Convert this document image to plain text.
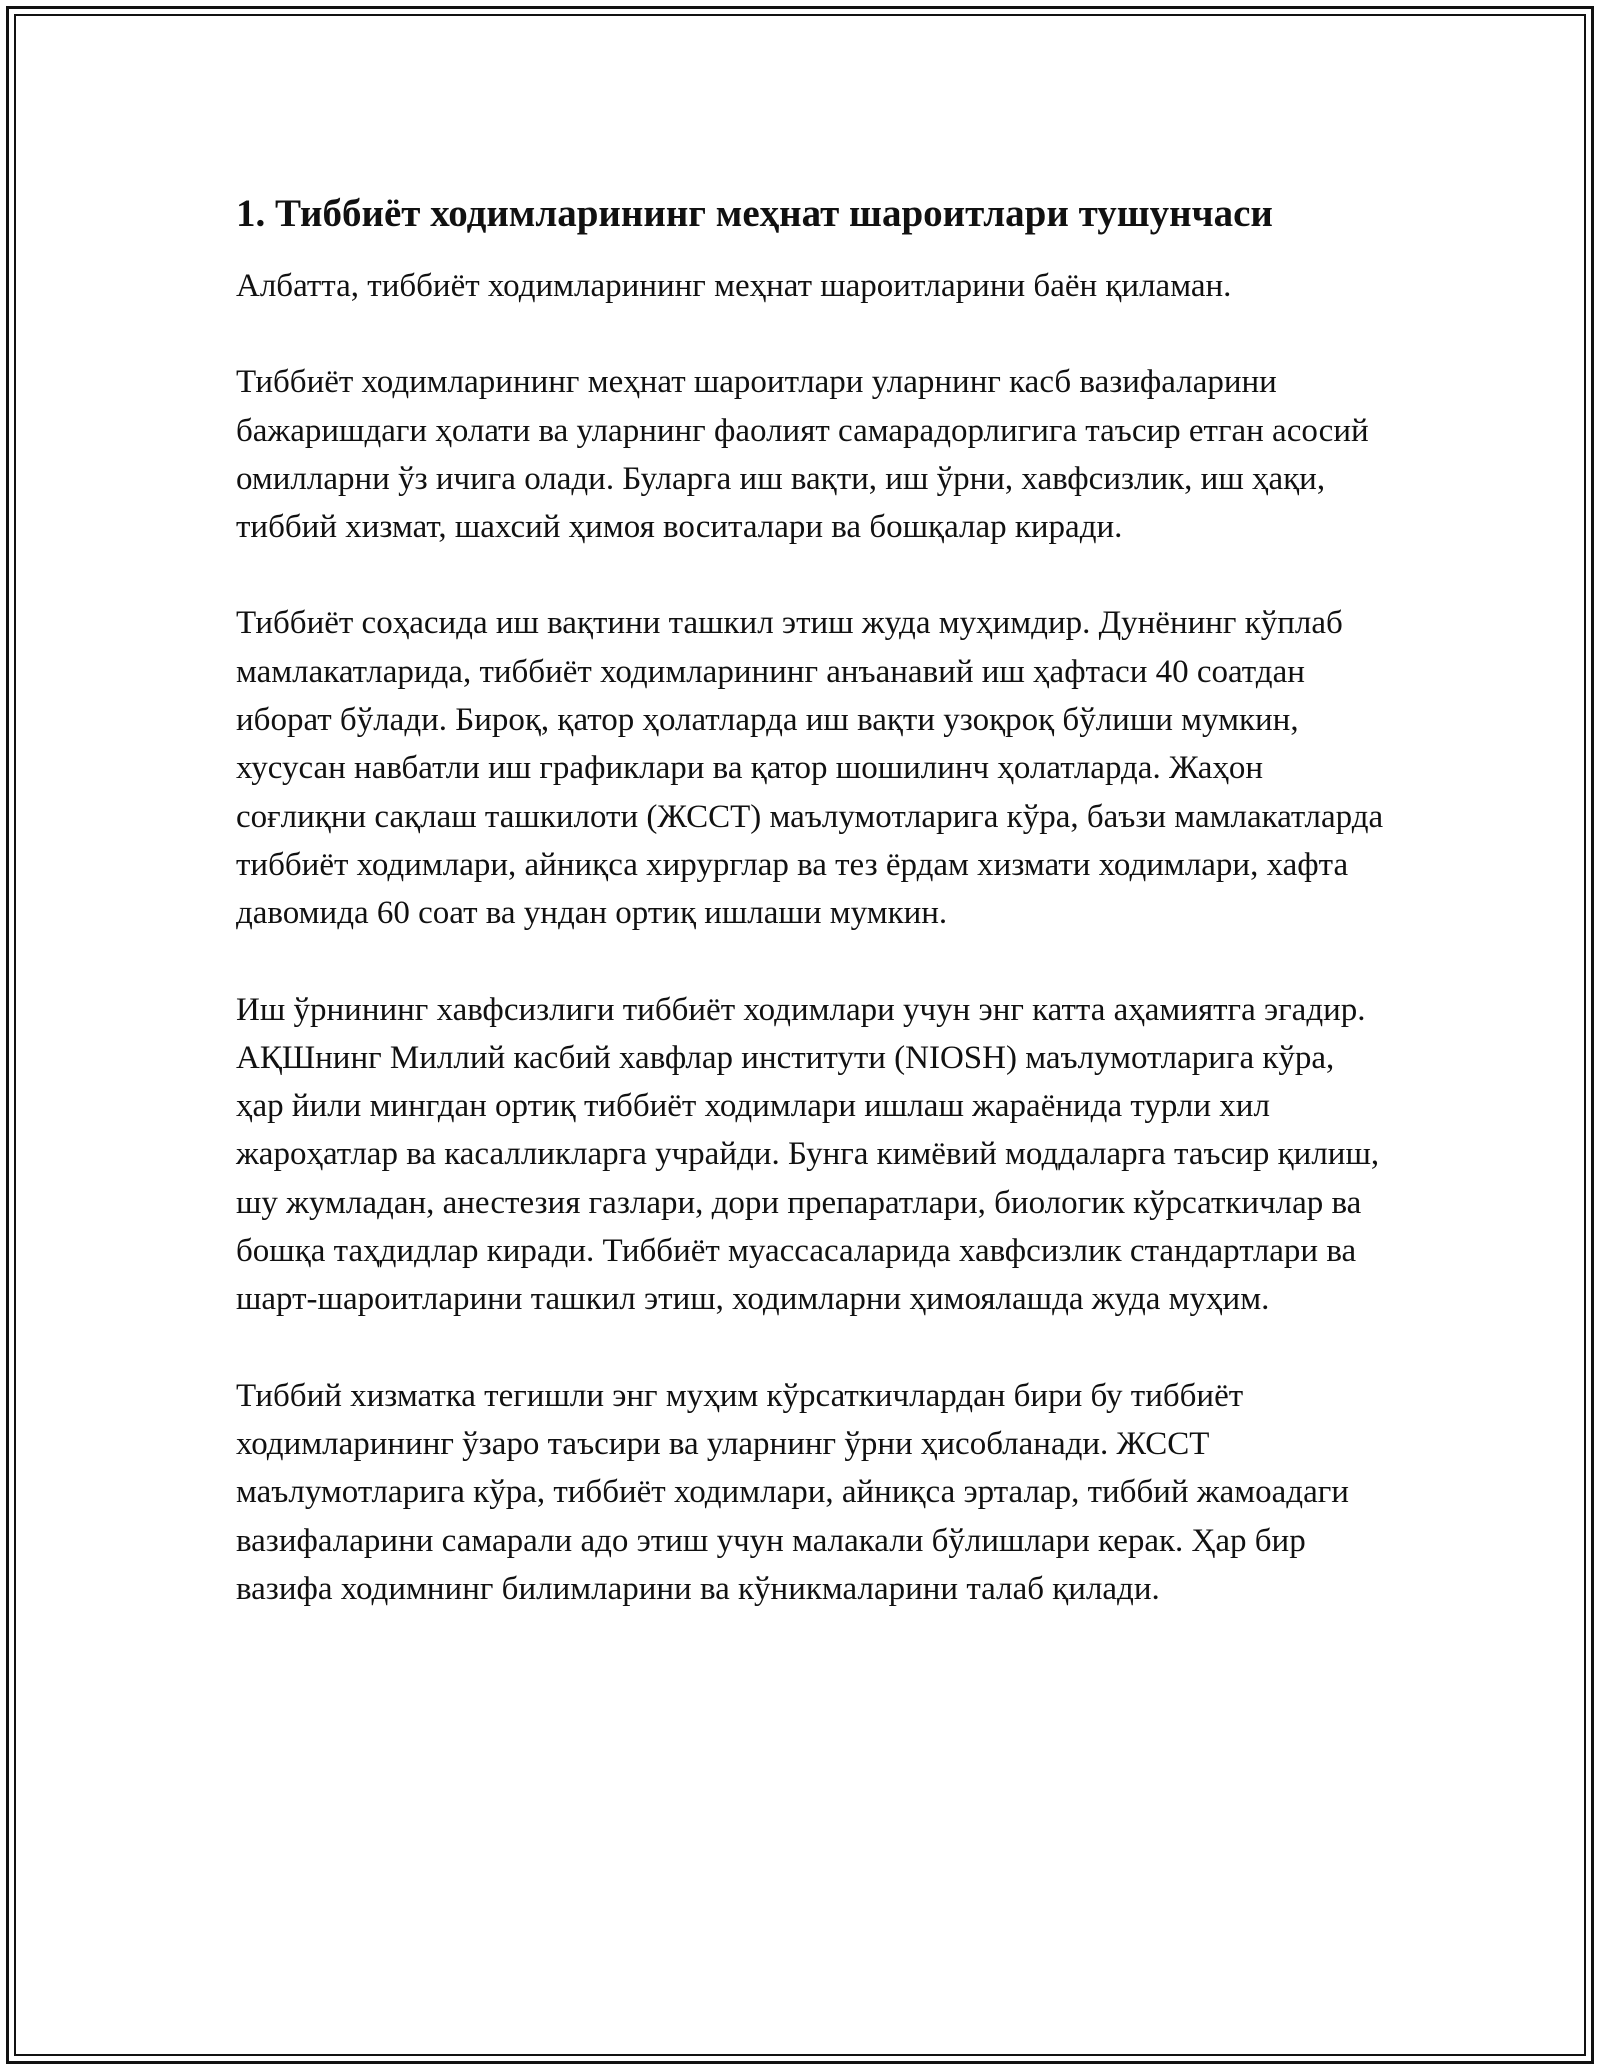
1. Тиббиёт ходимларининг меҳнат шароитлари тушунчаси

Албатта, тиббиёт ходимларининг меҳнат шароитларини баён қиламан.

Тиббиёт ходимларининг меҳнат шароитлари уларнинг касб вазифаларини бажаришдаги ҳолати ва уларнинг фаолият самарадорлигига таъсир етган асосий омилларни ўз ичига олади. Буларга иш вақти, иш ўрни, хавфсизлик, иш ҳақи, тиббий хизмат, шахсий ҳимоя воситалари ва бошқалар киради.

Тиббиёт соҳасида иш вақтини ташкил этиш жуда муҳимдир. Дунёнинг кўплаб мамлакатларида, тиббиёт ходимларининг анъанавий иш ҳафтаси 40 соатдан иборат бўлади. Бироқ, қатор ҳолатларда иш вақти узоқроқ бўлиши мумкин, хусусан навбатли иш графиклари ва қатор шошилинч ҳолатларда. Жаҳон соғлиқни сақлаш ташкилоти (ЖССТ) маълумотларига кўра, баъзи мамлакатларда тиббиёт ходимлари, айниқса хирурглар ва тез ёрдам хизмати ходимлари, хафта давомида 60 соат ва ундан ортиқ ишлаши мумкин.

Иш ўрнининг хавфсизлиги тиббиёт ходимлари учун энг катта аҳамиятга эгадир. АҚШнинг Миллий касбий хавфлар институти (NIOSH) маълумотларига кўра, ҳар йили мингдан ортиқ тиббиёт ходимлари ишлаш жараёнида турли хил жароҳатлар ва касалликларга учрайди. Бунга кимёвий моддаларга таъсир қилиш, шу жумладан, анестезия газлари, дори препаратлари, биологик кўрсаткичлар ва бошқа таҳдидлар киради. Тиббиёт муассасаларида хавфсизлик стандартлари ва шарт-шароитларини ташкил этиш, ходимларни ҳимоялашда жуда муҳим.

Тиббий хизматка тегишли энг муҳим кўрсаткичлардан бири бу тиббиёт ходимларининг ўзаро таъсири ва уларнинг ўрни ҳисобланади. ЖССТ маълумотларига кўра, тиббиёт ходимлари, айниқса эрталар, тиббий жамоадаги вазифаларини самарали адо этиш учун малакали бўлишлари керак. Ҳар бир вазифа ходимнинг билимларини ва кўникмаларини талаб қилади.
